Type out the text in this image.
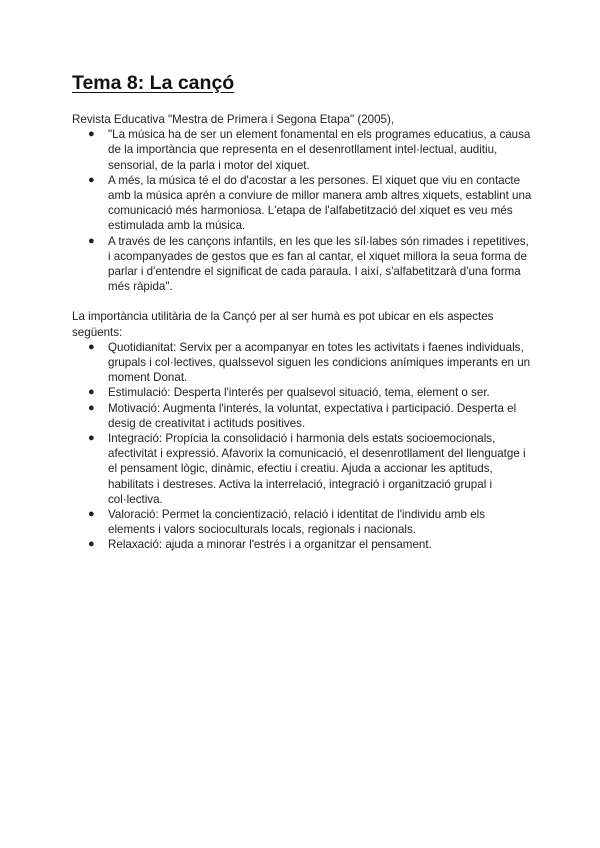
Tema 8: La cançó

Revista Educativa "Mestra de Primera i Segona Etapa" (2005),

● "La música ha de ser un element fonamental en els programes educatius, a causa de la importància que representa en el desenrotllament intel·lectual, auditiu, sensorial, de la parla i motor del xiquet.
● A més, la música té el do d'acostar a les persones. El xiquet que viu en contacte amb la música aprén a conviure de millor manera amb altres xiquets, establint una comunicació més harmoniosa. L'etapa de l'alfabetització del xiquet es veu més estimulada amb la música.
● A través de les cançons infantils, en les que les síl·labes són rimades i repetitives, i acompanyades de gestos que es fan al cantar, el xiquet millora la seua forma de parlar i d'entendre el significat de cada paraula. I així, s'alfabetitzarà d'una forma més ràpida".

La importància utilitària de la Cançó per al ser humà es pot ubicar en els aspectes següents:

● Quotidianitat: Servix per a acompanyar en totes les activitats i faenes individuals, grupals i col·lectives, qualssevol siguen les condicions anímiques imperants en un moment Donat.
● Estimulació: Desperta l'interés per qualsevol situació, tema, element o ser.
● Motivació: Augmenta l'interés, la voluntat, expectativa i participació. Desperta el desig de creativitat i actituds positives.
● Integració: Propícia la consolidació i harmonia dels estats socioemocionals, afectivitat i expressió. Afavorix la comunicació, el desenrotllament del llenguatge i el pensament lògic, dinàmic, efectiu i creatiu. Ajuda a accionar les aptituds, habilitats i destreses. Activa la interrelació, integració i organització grupal i col·lectiva.
● Valoració: Permet la concientizació, relació i identitat de l'individu amb els elements i valors socioculturals locals, regionals i nacionals.
● Relaxació: ajuda a minorar l'estrés i a organitzar el pensament.
